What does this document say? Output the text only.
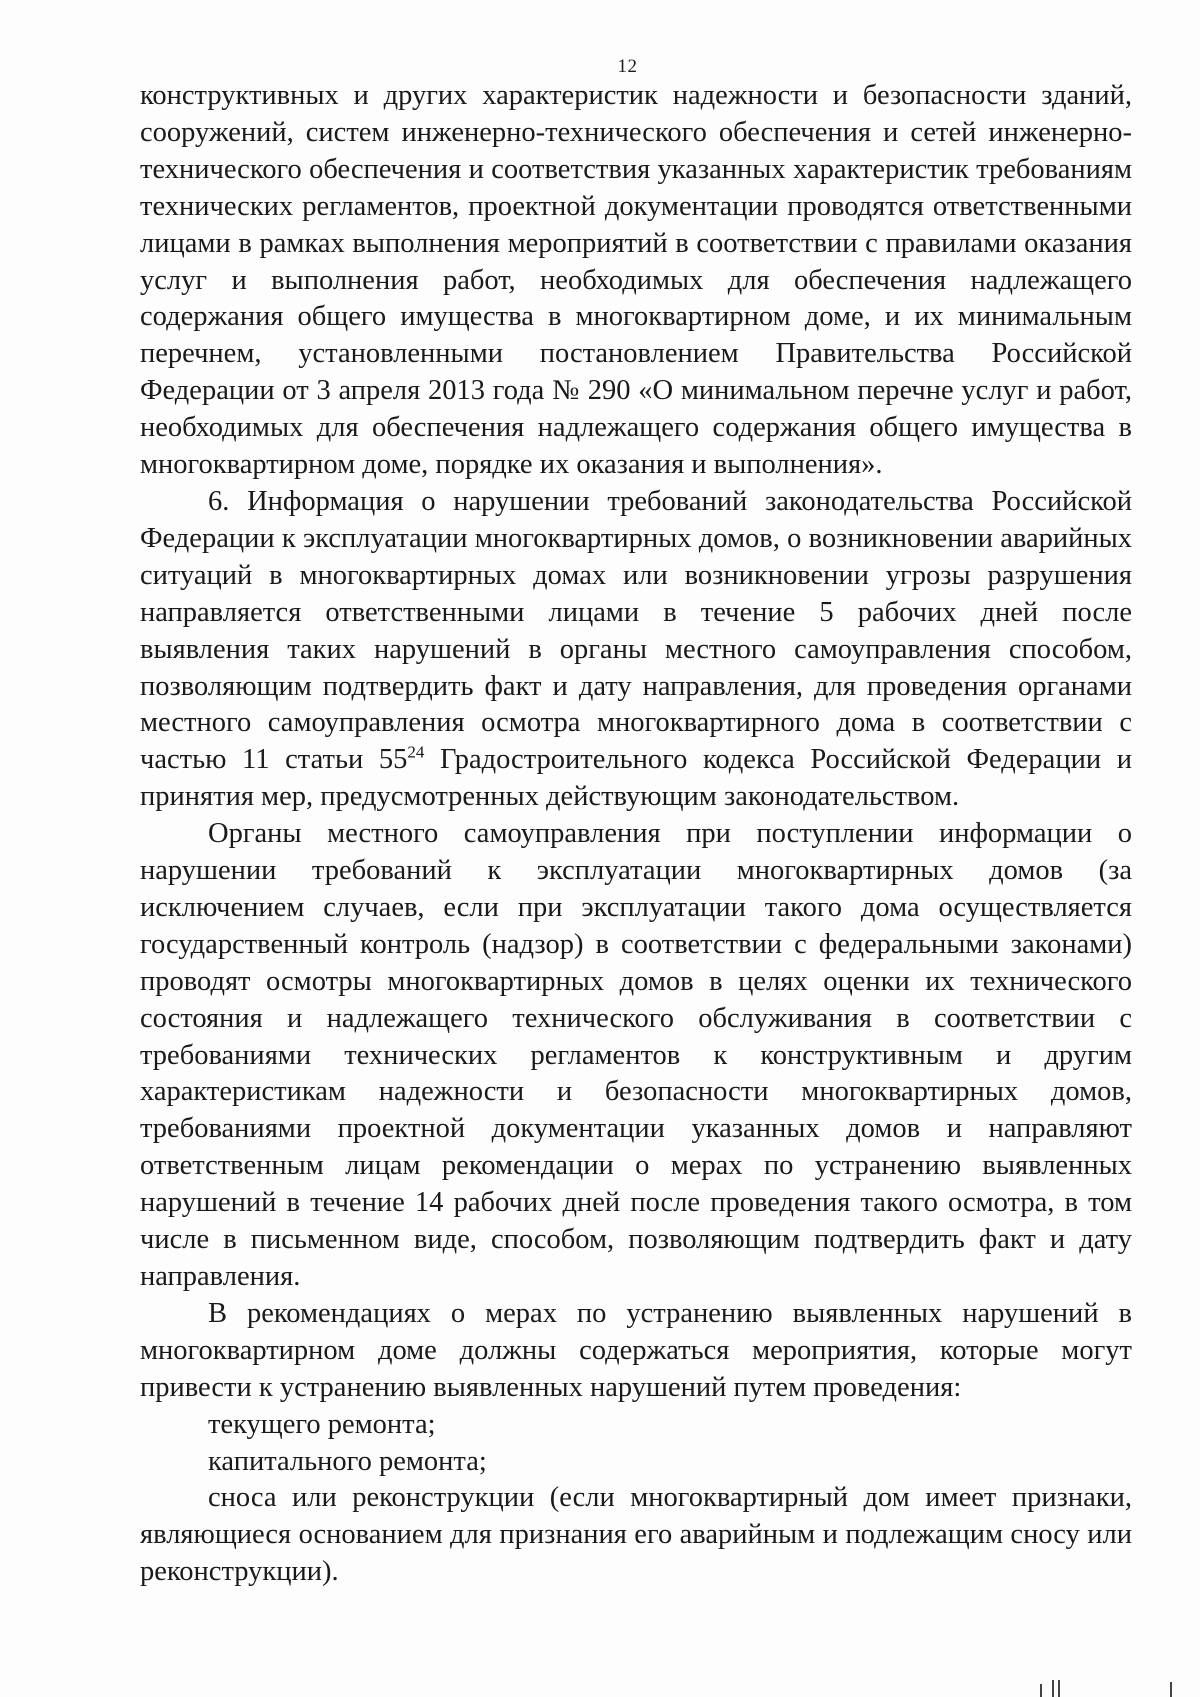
12

конструктивных и других характеристик надежности и безопасности зданий, сооружений, систем инженерно-технического обеспечения и сетей инженерно-технического обеспечения и соответствия указанных характеристик требованиям технических регламентов, проектной документации проводятся ответственными лицами в рамках выполнения мероприятий в соответствии с правилами оказания услуг и выполнения работ, необходимых для обеспечения надлежащего содержания общего имущества в многоквартирном доме, и их минимальным перечнем, установленными постановлением Правительства Российской Федерации от 3 апреля 2013 года № 290 «О минимальном перечне услуг и работ, необходимых для обеспечения надлежащего содержания общего имущества в многоквартирном доме, порядке их оказания и выполнения».

6. Информация о нарушении требований законодательства Российской Федерации к эксплуатации многоквартирных домов, о возникновении аварийных ситуаций в многоквартирных домах или возникновении угрозы разрушения направляется ответственными лицами в течение 5 рабочих дней после выявления таких нарушений в органы местного самоуправления способом, позволяющим подтвердить факт и дату направления, для проведения органами местного самоуправления осмотра многоквартирного дома в соответствии с частью 11 статьи $55^{24}$ Градостроительного кодекса Российской Федерации и принятия мер, предусмотренных действующим законодательством.

Органы местного самоуправления при поступлении информации о нарушении требований к эксплуатации многоквартирных домов (за исключением случаев, если при эксплуатации такого дома осуществляется государственный контроль (надзор) в соответствии с федеральными законами) проводят осмотры многоквартирных домов в целях оценки их технического состояния и надлежащего технического обслуживания в соответствии с требованиями технических регламентов к конструктивным и другим характеристикам надежности и безопасности многоквартирных домов, требованиями проектной документации указанных домов и направляют ответственным лицам рекомендации о мерах по устранению выявленных нарушений в течение 14 рабочих дней после проведения такого осмотра, в том числе в письменном виде, способом, позволяющим подтвердить факт и дату направления.

В рекомендациях о мерах по устранению выявленных нарушений в многоквартирном доме должны содержаться мероприятия, которые могут привести к устранению выявленных нарушений путем проведения:

текущего ремонта;

капитального ремонта;

сноса или реконструкции (если многоквартирный дом имеет признаки, являющиеся основанием для признания его аварийным и подлежащим сносу или реконструкции).
